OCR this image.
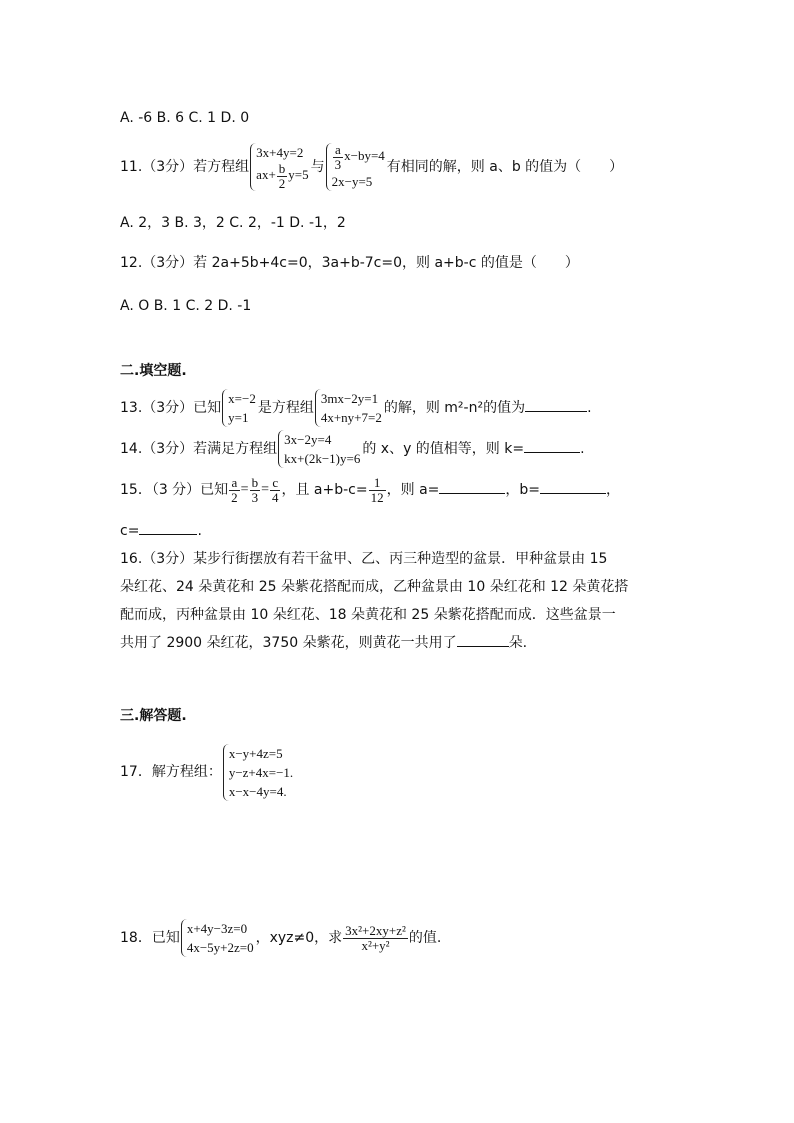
A. -6 B. 6 C. 1 D. 0
11.（3分）若方程组3x+4y=2
$ax+ \frac{b}{2} y=5$ 与 $\frac{a}{3} x-by=4$
2x−y=5有相同的解，则 a、b 的值为（　　）
A. 2，3 B. 3，2 C. 2，-1 D. -1，2
12.（3分）若 2a+5b+4c=0，3a+b-7c=0，则 a+b-c 的值是（　　）
A. O B. 1 C. 2 D. -1
二.填空题.
13.（3分）已知x=−2
y=1是方程组3mx−2y=1
4x+ny+7=2的解，则 m²-n²的值为	.
14.（3分）若满足方程组3x−2y=4
kx+(2k−1)y=6的 x、y 的值相等，则 k=	.
15．（3 分）已知 $\frac{a}{2} = \frac{b}{3} = \frac{c}{4}$ ，且 $a+b-c= \frac{1}{12}$ ，则 a=	，b=	，
c=	.
16.（3分）某步行街摆放有若干盆甲、乙、丙三种造型的盆景．甲种盆景由 15
朵红花、24 朵黄花和 25 朵紫花搭配而成，乙种盆景由 10 朵红花和 12 朵黄花搭
配而成，丙种盆景由 10 朵红花、18 朵黄花和 25 朵紫花搭配而成．这些盆景一
共用了 2900 朵红花，3750 朵紫花，则黄花一共用了	朵.
三.解答题.
17．解方程组：x−y+4z=5
y−z+4x=−1.
x−x−4y=4.
18．已知x+4y−3z=0
4x−5y+2z=0，xyz≠0，求 $\frac{\text{3x²+2xy+z²}}{\text{x²+y²}}$ 的值.
